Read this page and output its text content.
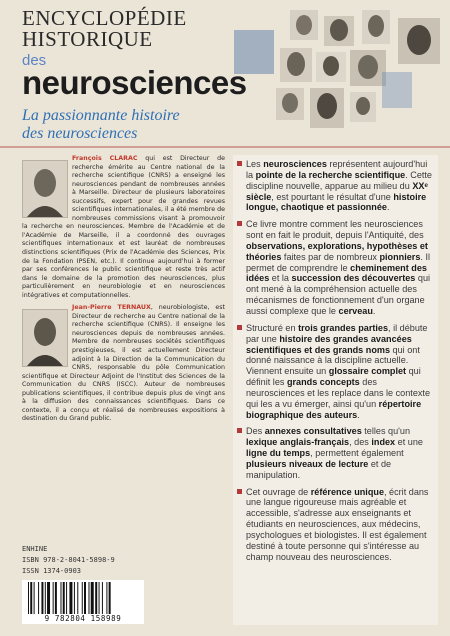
ENCYCLOPÉDIE
HISTORIQUE
des
neurosciences
La passionnante histoire
des neurosciences
François CLARAC qui est Directeur de recherche émérite au Centre national de la recherche scientifique (CNRS) a enseigné les neurosciences pendant de nombreuses années à Marseille. Directeur de plusieurs laboratoires successifs, expert pour de grandes revues scientifiques internationales, il a été membre de nombreuses commissions visant à promouvoir la recherche en neurosciences. Membre de l'Académie et de l'Académie de Marseille, il a coordonné des ouvrages scientifiques internationaux et est lauréat de nombreuses distinctions scientifiques (Prix de l'Académie des Sciences, Prix de la Fondation IPSEN, etc.). Il continue aujourd'hui à former par ses conférences le public scientifique et reste très actif dans le domaine de la promotion des neurosciences, plus particulièrement en neurobiologie et en neurosciences intégratives et computationnelles.
Jean-Pierre TERNAUX, neurobiologiste, est Directeur de recherche au Centre national de la recherche scientifique (CNRS). Il enseigne les neurosciences depuis de nombreuses années. Membre de nombreuses sociétés scientifiques prestigieuses, il est actuellement Directeur adjoint à la Direction de la Communication du CNRS, responsable du pôle Communication scientifique et Directeur Adjoint de l'Institut des Sciences de la Communication du CNRS (ISCC). Auteur de nombreuses publications scientifiques, il contribue depuis plus de vingt ans à la diffusion des connaissances scientifiques. Dans ce contexte, il a conçu et réalisé de nombreuses expositions à destination du Grand public.
ENHINE
ISBN 978-2-8041-5898-9
ISSN 1374-0903
9 782804 158989
Les neurosciences représentent aujourd'hui la pointe de la recherche scientifique. Cette discipline nouvelle, apparue au milieu du XXᵉ siècle, est pourtant le résultat d'une histoire longue, chaotique et passionnée.
Ce livre montre comment les neurosciences sont en fait le produit, depuis l'Antiquité, des observations, explorations, hypothèses et théories faites par de nombreux pionniers. Il permet de comprendre le cheminement des idées et la succession des découvertes qui ont mené à la compréhension actuelle des mécanismes de fonctionnement d'un organe aussi complexe que le cerveau.
Structuré en trois grandes parties, il débute par une histoire des grandes avancées scientifiques et des grands noms qui ont donné naissance à la discipline actuelle. Viennent ensuite un glossaire complet qui définit les grands concepts des neurosciences et les replace dans le contexte qui les a vu émerger, ainsi qu'un répertoire biographique des auteurs.
Des annexes consultatives telles qu'un lexique anglais-français, des index et une ligne du temps, permettent également plusieurs niveaux de lecture et de manipulation.
Cet ouvrage de référence unique, écrit dans une langue rigoureuse mais agréable et accessible, s'adresse aux enseignants et étudiants en neurosciences, aux médecins, psychologues et biologistes. Il est également destiné à toute personne qui s'intéresse au champ nouveau des neurosciences.
